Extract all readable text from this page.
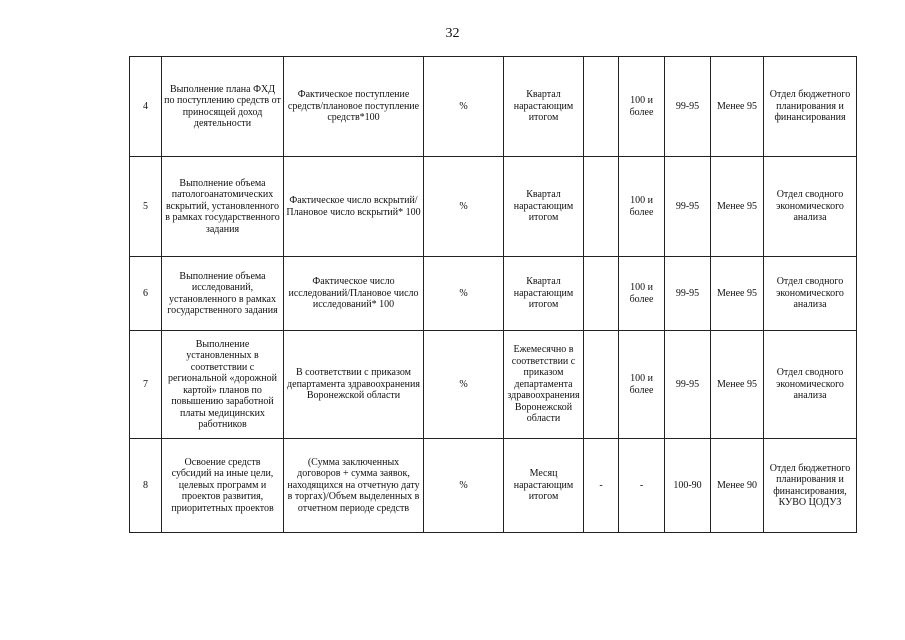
32
4	Выполнение плана ФХД по поступлению средств от приносящей доход деятельности	Фактическое поступление средств/плановое поступление средств*100	%	Квартал нарастающим итогом		100 и более	99-95	Менее 95	Отдел бюджетного планирования и финансирования
5	Выполнение объема патологоанатомических вскрытий, установленного в рамках государственного задания	Фактическое число вскрытий/Плановое число вскрытий* 100	%	Квартал нарастающим итогом		100 и более	99-95	Менее 95	Отдел сводного экономического анализа
6	Выполнение объема исследований, установленного в рамках государственного задания	Фактическое число исследований/Плановое число исследований* 100	%	Квартал нарастающим итогом		100 и более	99-95	Менее 95	Отдел сводного экономического анализа
7	Выполнение установленных в соответствии с региональной «дорожной картой» планов по повышению заработной платы медицинских работников	В соответствии с приказом департамента здравоохранения Воронежской области	%	Ежемесячно в соответствии с приказом департамента здравоохранения Воронежской области		100 и более	99-95	Менее 95	Отдел сводного экономического анализа
8	Освоение средств субсидий на иные цели, целевых программ и проектов развития, приоритетных проектов	(Сумма заключенных договоров + сумма заявок, находящихся на отчетную дату в торгах)/Объем выделенных в отчетном периоде средств	%	Месяц нарастающим итогом	-	-	100-90	Менее 90	Отдел бюджетного планирования и финансирования, КУВО ЦОДУЗ
